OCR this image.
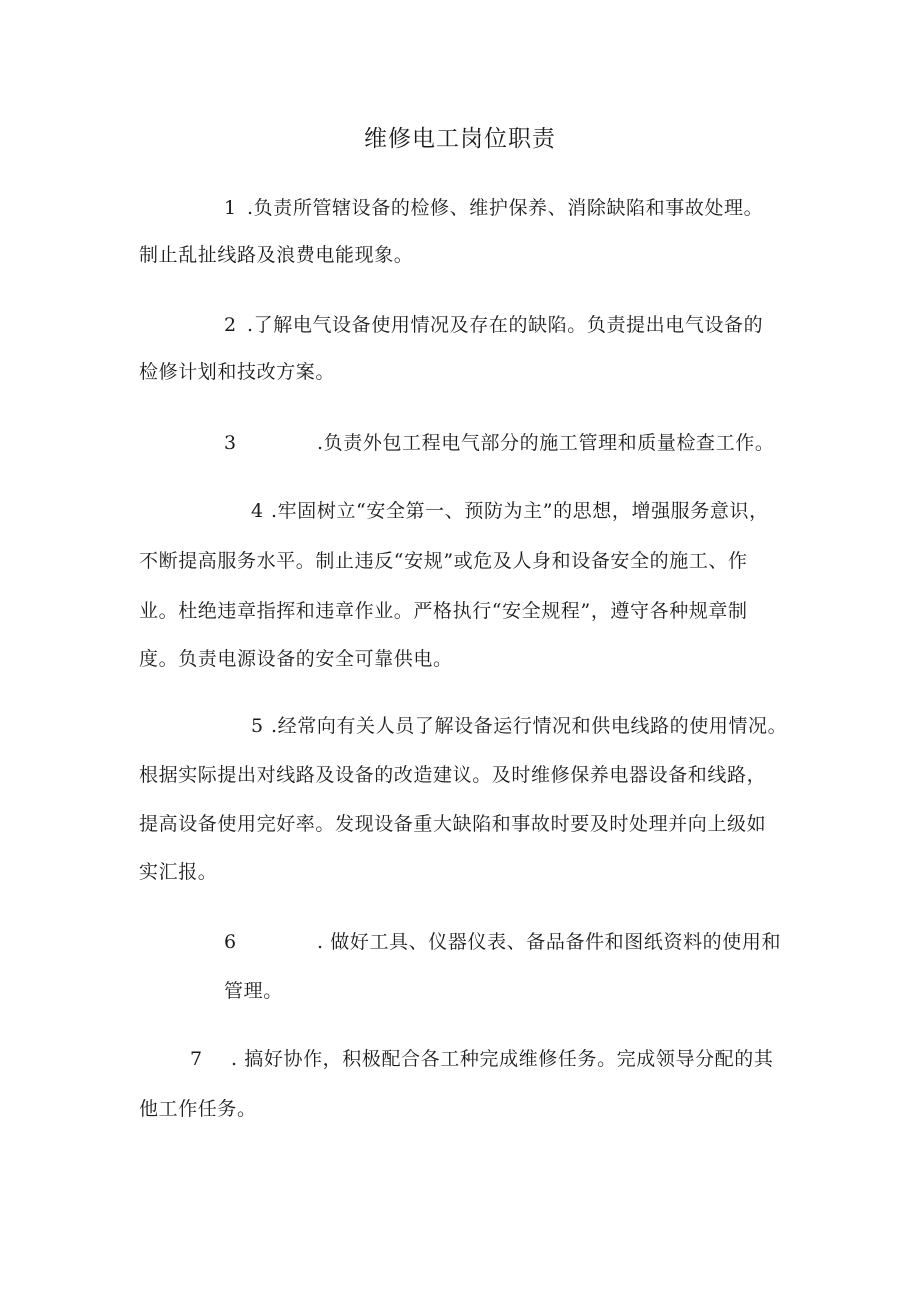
维修电工岗位职责
1 .负责所管辖设备的检修、维护保养、消除缺陷和事故处理。
制止乱扯线路及浪费电能现象。
2 .了解电气设备使用情况及存在的缺陷。负责提出电气设备的
检修计划和技改方案。
3	.负责外包工程电气部分的施工管理和质量检查工作。
4 .牢固树立“安全第一、预防为主”的思想，增强服务意识，
不断提高服务水平。制止违反“安规”或危及人身和设备安全的施工、作
业。杜绝违章指挥和违章作业。严格执行“安全规程”，遵守各种规章制
度。负责电源设备的安全可靠供电。
5 .经常向有关人员了解设备运行情况和供电线路的使用情况。
根据实际提出对线路及设备的改造建议。及时维修保养电器设备和线路，
提高设备使用完好率。发现设备重大缺陷和事故时要及时处理并向上级如
实汇报。
6	. 做好工具、仪器仪表、备品备件和图纸资料的使用和
管理。
7 . 搞好协作，积极配合各工种完成维修任务。完成领导分配的其
他工作任务。
